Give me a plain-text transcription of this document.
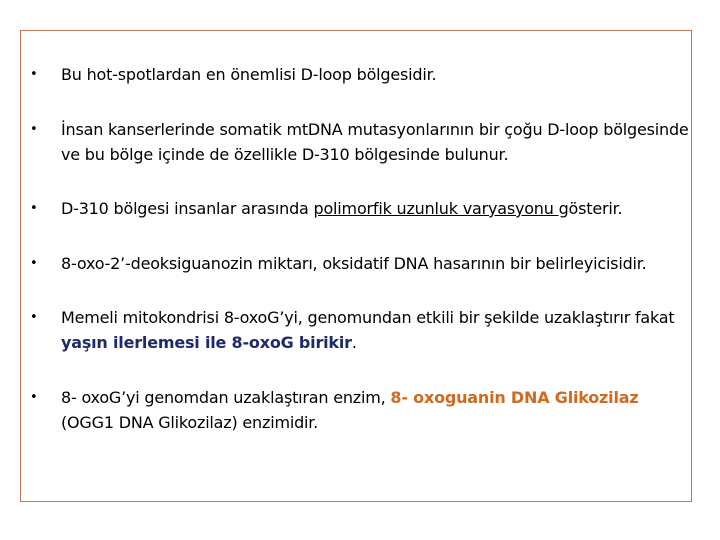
• Bu hot-spotlardan en önemlisi D-loop bölgesidir.
• İnsan kanserlerinde somatik mtDNA mutasyonlarının bir çoğu D-loop bölgesinde ve bu bölge içinde de özellikle D-310 bölgesinde bulunur.
• D-310 bölgesi insanlar arasında polimorfik uzunluk varyasyonu gösterir.
• 8-oxo-2’-deoksiguanozin miktarı, oksidatif DNA hasarının bir belirleyicisidir.
• Memeli mitokondrisi 8-oxoG’yi, genomundan etkili bir şekilde uzaklaştırır fakat yaşın ilerlemesi ile 8-oxoG birikir.
• 8- oxoG’yi genomdan uzaklaştıran enzim, 8- oxoguanin DNA Glikozilaz (OGG1 DNA Glikozilaz) enzimidir.
